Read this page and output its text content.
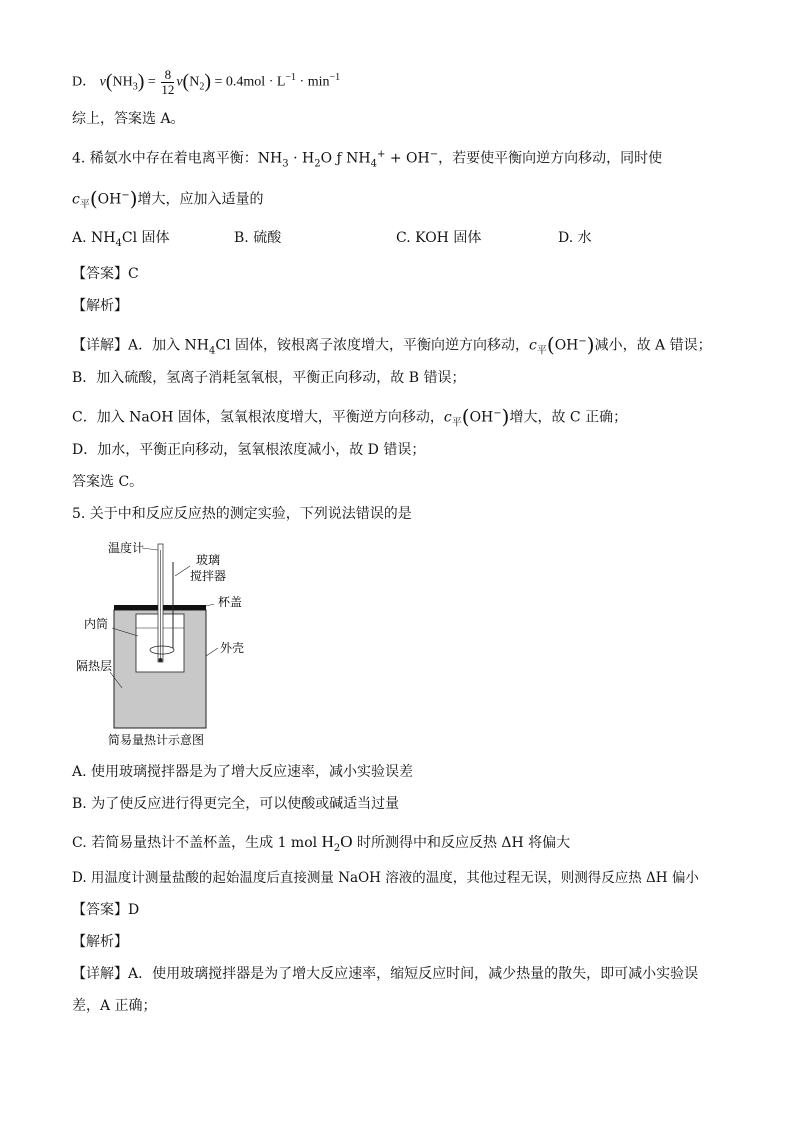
D． $v(NH_3) = \frac{8}{12} v(N_2) = 0.4mol \cdot L^{-1} \cdot \min^{-1}$
综上，答案选 A。
4. 稀氨水中存在着电离平衡：$NH_3 \cdot H_2O$ ƒ $NH_4^+ + OH^-$，若要使平衡向逆方向移动，同时使
$c_平(OH^-)$增大，应加入适量的
A. $NH_4Cl$ 固体	B. 硫酸	C. KOH 固体	D. 水
【答案】C
【解析】
【详解】A．加入 $NH_4Cl$ 固体，铵根离子浓度增大，平衡向逆方向移动，$c_平(OH^-)$减小，故 A 错误；
B．加入硫酸，氢离子消耗氢氧根，平衡正向移动，故 B 错误；
C．加入 NaOH 固体，氢氧根浓度增大，平衡逆方向移动，$c_平(OH^-)$增大，故 C 正确；
D．加水，平衡正向移动，氢氧根浓度减小，故 D 错误；
答案选 C。
5. 关于中和反应反应热的测定实验，下列说法错误的是
温度计
玻璃
搅拌器
杯盖
内筒
外壳
隔热层
简易量热计示意图
A. 使用玻璃搅拌器是为了增大反应速率，减小实验误差
B. 为了使反应进行得更完全，可以使酸或碱适当过量
C. 若简易量热计不盖杯盖，生成 1 mol $H_2O$ 时所测得中和反应反热 ΔH 将偏大
D. 用温度计测量盐酸的起始温度后直接测量 NaOH 溶液的温度，其他过程无误，则测得反应热 ΔH 偏小
【答案】D
【解析】
【详解】A．使用玻璃搅拌器是为了增大反应速率，缩短反应时间，减少热量的散失，即可减小实验误
差，A 正确；
